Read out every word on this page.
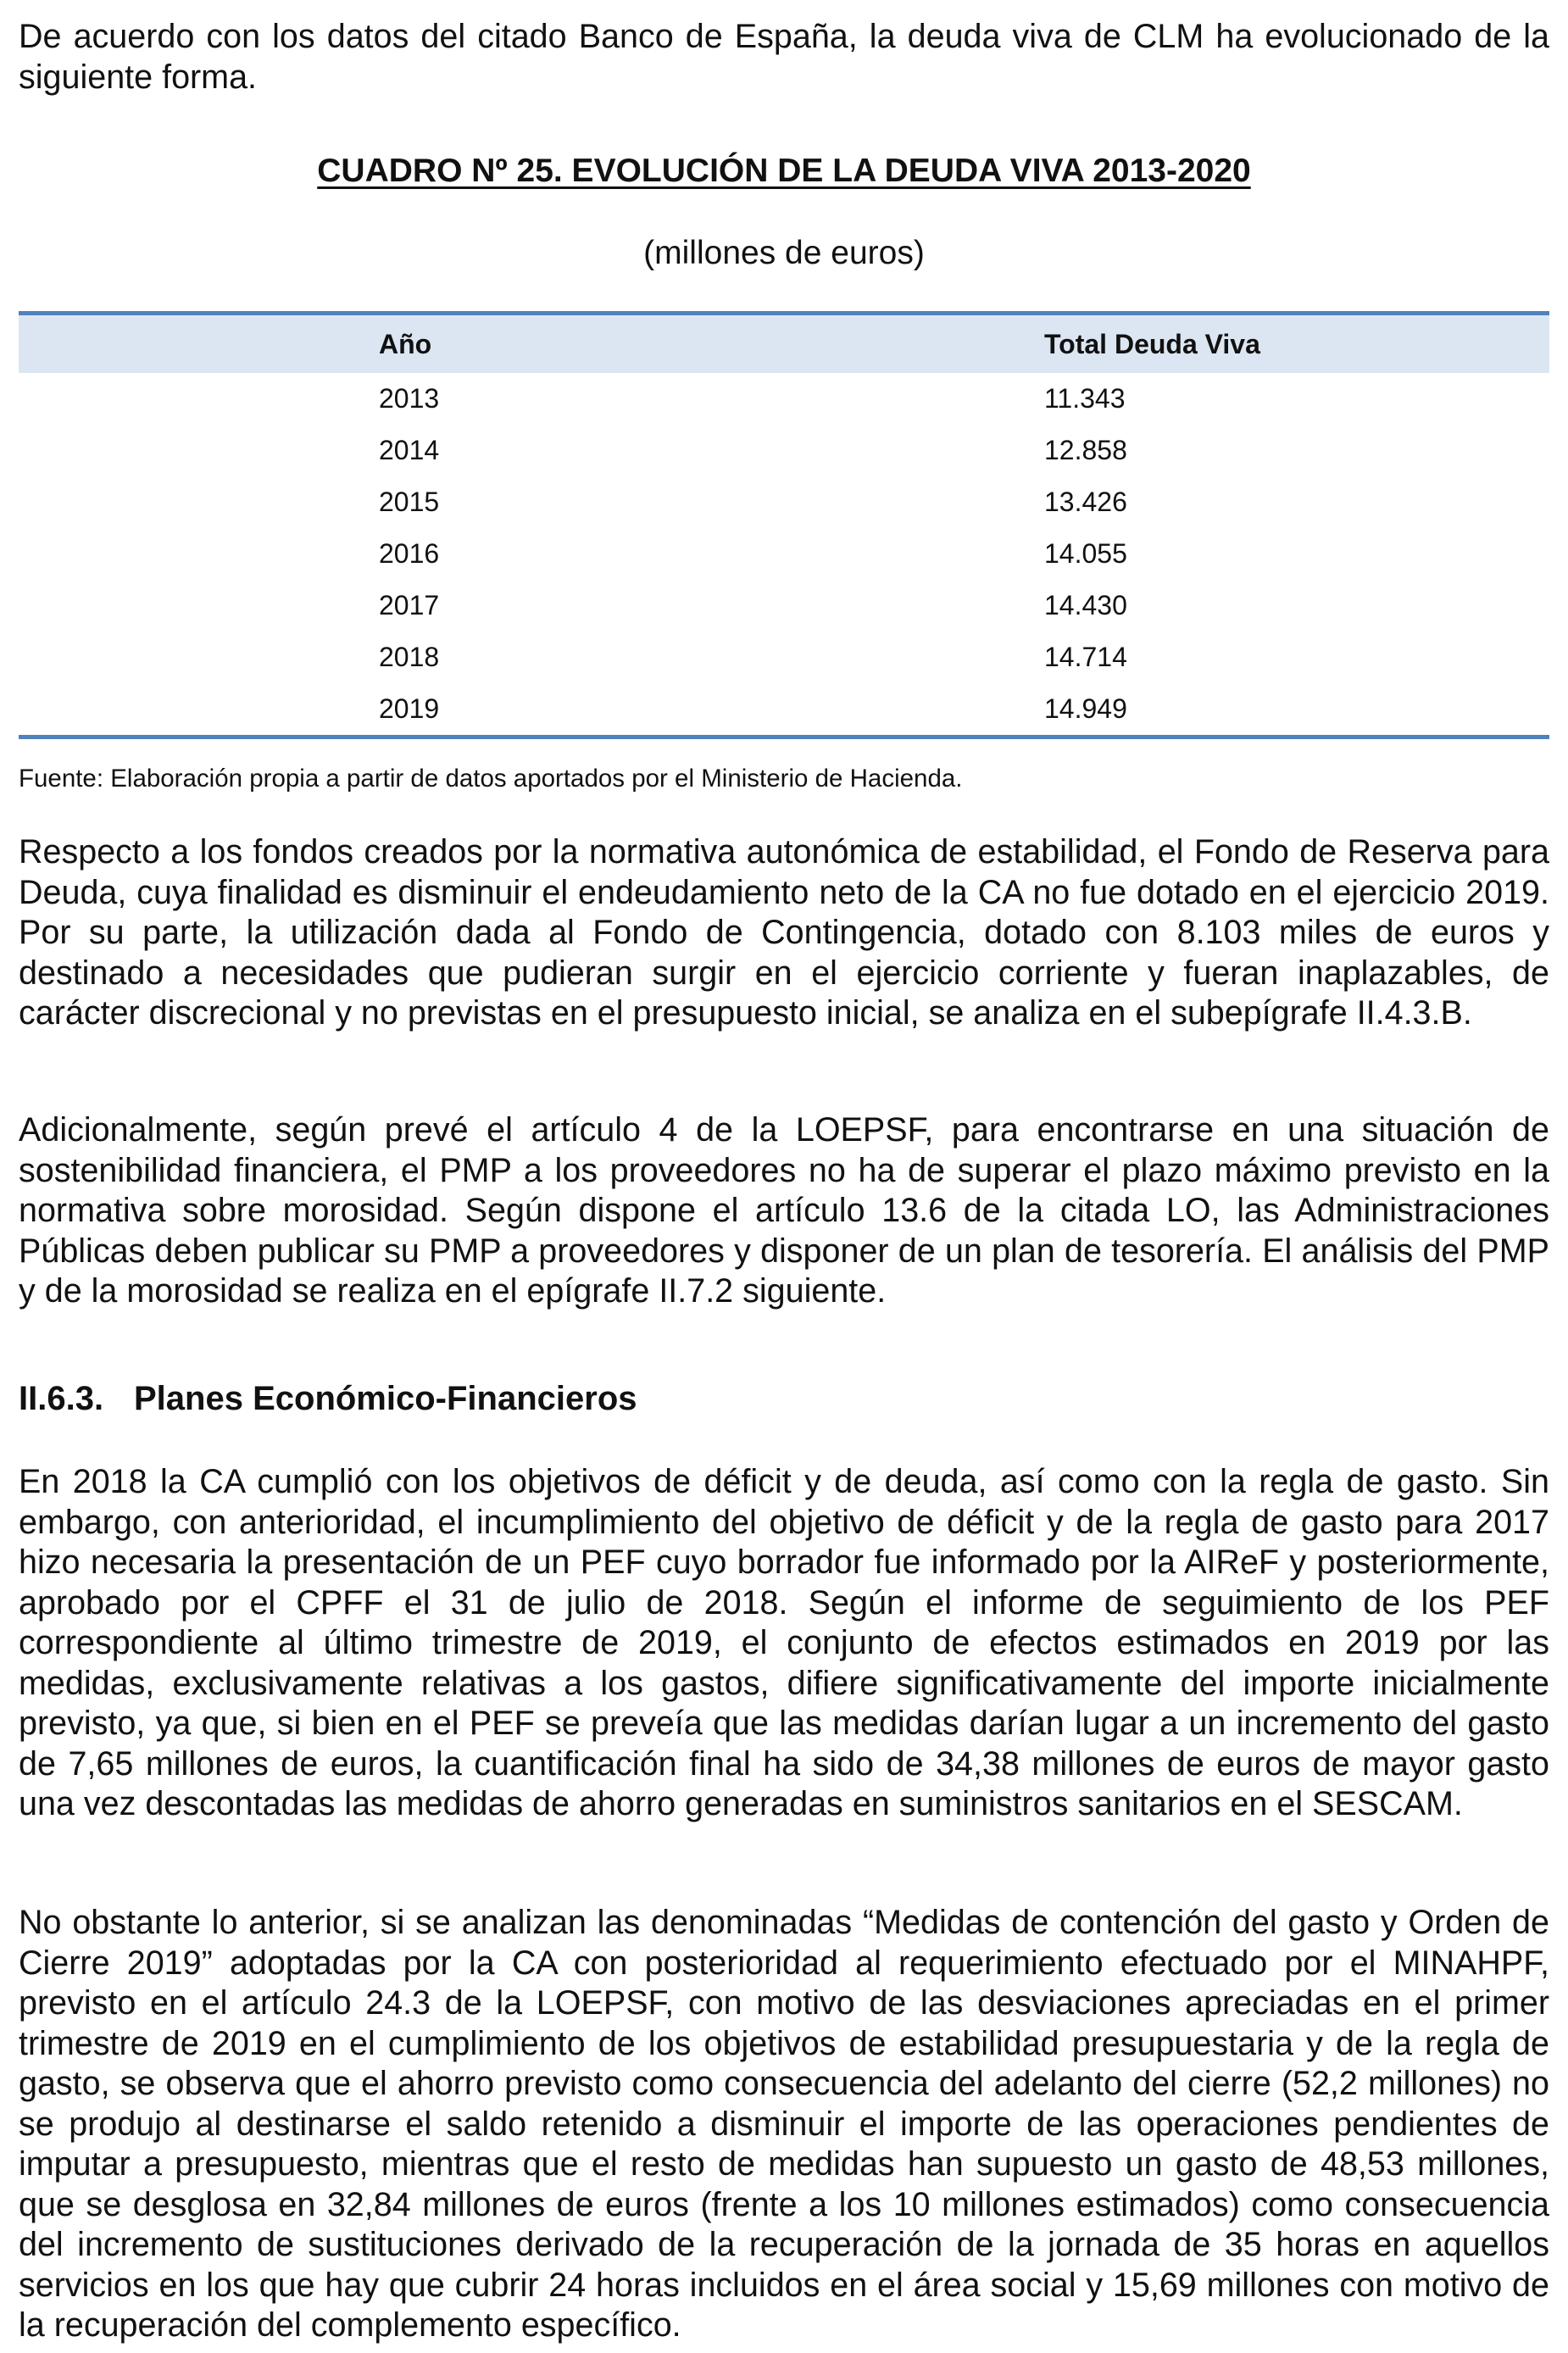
De acuerdo con los datos del citado Banco de España, la deuda viva de CLM ha evolucionado de la siguiente forma.

CUADRO Nº 25. EVOLUCIÓN DE LA DEUDA VIVA 2013-2020
(millones de euros)
Año	Total Deuda Viva
2013	11.343
2014	12.858
2015	13.426
2016	14.055
2017	14.430
2018	14.714
2019	14.949
Fuente: Elaboración propia a partir de datos aportados por el Ministerio de Hacienda.

Respecto a los fondos creados por la normativa autonómica de estabilidad, el Fondo de Reserva para Deuda, cuya finalidad es disminuir el endeudamiento neto de la CA no fue dotado en el ejercicio 2019. Por su parte, la utilización dada al Fondo de Contingencia, dotado con 8.103 miles de euros y destinado a necesidades que pudieran surgir en el ejercicio corriente y fueran inaplazables, de carácter discrecional y no previstas en el presupuesto inicial, se analiza en el subepígrafe II.4.3.B.

Adicionalmente, según prevé el artículo 4 de la LOEPSF, para encontrarse en una situación de sostenibilidad financiera, el PMP a los proveedores no ha de superar el plazo máximo previsto en la normativa sobre morosidad. Según dispone el artículo 13.6 de la citada LO, las Administraciones Públicas deben publicar su PMP a proveedores y disponer de un plan de tesorería. El análisis del PMP y de la morosidad se realiza en el epígrafe II.7.2 siguiente.

II.6.3. Planes Económico-Financieros

En 2018 la CA cumplió con los objetivos de déficit y de deuda, así como con la regla de gasto. Sin embargo, con anterioridad, el incumplimiento del objetivo de déficit y de la regla de gasto para 2017 hizo necesaria la presentación de un PEF cuyo borrador fue informado por la AIReF y posteriormente, aprobado por el CPFF el 31 de julio de 2018. Según el informe de seguimiento de los PEF correspondiente al último trimestre de 2019, el conjunto de efectos estimados en 2019 por las medidas, exclusivamente relativas a los gastos, difiere significativamente del importe inicialmente previsto, ya que, si bien en el PEF se preveía que las medidas darían lugar a un incremento del gasto de 7,65 millones de euros, la cuantificación final ha sido de 34,38 millones de euros de mayor gasto una vez descontadas las medidas de ahorro generadas en suministros sanitarios en el SESCAM.

No obstante lo anterior, si se analizan las denominadas “Medidas de contención del gasto y Orden de Cierre 2019” adoptadas por la CA con posterioridad al requerimiento efectuado por el MINAHPF, previsto en el artículo 24.3 de la LOEPSF, con motivo de las desviaciones apreciadas en el primer trimestre de 2019 en el cumplimiento de los objetivos de estabilidad presupuestaria y de la regla de gasto, se observa que el ahorro previsto como consecuencia del adelanto del cierre (52,2 millones) no se produjo al destinarse el saldo retenido a disminuir el importe de las operaciones pendientes de imputar a presupuesto, mientras que el resto de medidas han supuesto un gasto de 48,53 millones, que se desglosa en 32,84 millones de euros (frente a los 10 millones estimados) como consecuencia del incremento de sustituciones derivado de la recuperación de la jornada de 35 horas en aquellos servicios en los que hay que cubrir 24 horas incluidos en el área social y 15,69 millones con motivo de la recuperación del complemento específico.
